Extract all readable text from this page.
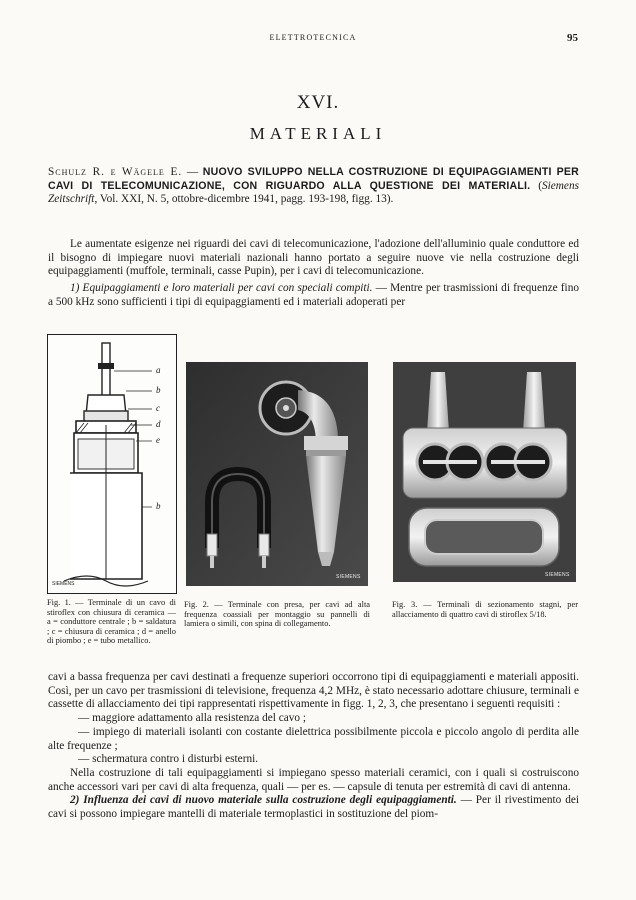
ELETTROTECNICA	95
XVI.
MATERIALI
Schulz R. e Wägele E. — NUOVO SVILUPPO NELLA COSTRUZIONE DI EQUIPAGGIAMENTI PER CAVI DI TELECOMUNICAZIONE, CON RIGUARDO ALLA QUESTIONE DEI MATERIALI. (Siemens Zeitschrift, Vol. XXI, N. 5, ottobre-dicembre 1941, pagg. 193-198, figg. 13).

Le aumentate esigenze nei riguardi dei cavi di telecomunicazione, l'adozione dell'alluminio quale conduttore ed il bisogno di impiegare nuovi materiali nazionali hanno portato a seguire nuove vie nella costruzione degli equipaggiamenti (muffole, terminali, casse Pupin), per i cavi di telecomunicazione.

1) Equipaggiamenti e loro materiali per cavi con speciali compiti. — Mentre per trasmissioni di frequenze fino a 500 kHz sono sufficienti i tipi di equipaggiamenti ed i materiali adoperati per

a
b
c
d
e
b
SIEMENS
SIEMENS	SIEMENS
Fig. 1. — Terminale di un cavo di stiroflex con chiusura di ceramica — a = conduttore centrale ; b = saldatura ; c = chiusura di ceramica ; d = anello di piombo ; e = tubo metallico.
Fig. 2. — Terminale con presa, per cavi ad alta frequenza coassiali per montaggio su pannelli di lamiera o simili, con spina di collegamento.
Fig. 3. — Terminali di sezionamento stagni, per allacciamento di quattro cavi di stiroflex 5/18.

cavi a bassa frequenza per cavi destinati a frequenze superiori occorrono tipi di equipaggiamenti e materiali appositi. Così, per un cavo per trasmissioni di televisione, frequenza 4,2 MHz, è stato necessario adottare chiusure, terminali e cassette di allacciamento dei tipi rappresentati rispettivamente in figg. 1, 2, 3, che presentano i seguenti requisiti :

— maggiore adattamento alla resistenza del cavo ;

— impiego di materiali isolanti con costante dielettrica possibilmente piccola e piccolo angolo di perdita alle alte frequenze ;

— schermatura contro i disturbi esterni.

Nella costruzione di tali equipaggiamenti si impiegano spesso materiali ceramici, con i quali si costruiscono anche accessori vari per cavi di alta frequenza, quali — per es. — capsule di tenuta per estremità di cavi di antenna.

2) Influenza dei cavi di nuovo materiale sulla costruzione degli equipaggiamenti. — Per il rivestimento dei cavi si possono impiegare mantelli di materiale termoplastici in sostituzione del piom-
